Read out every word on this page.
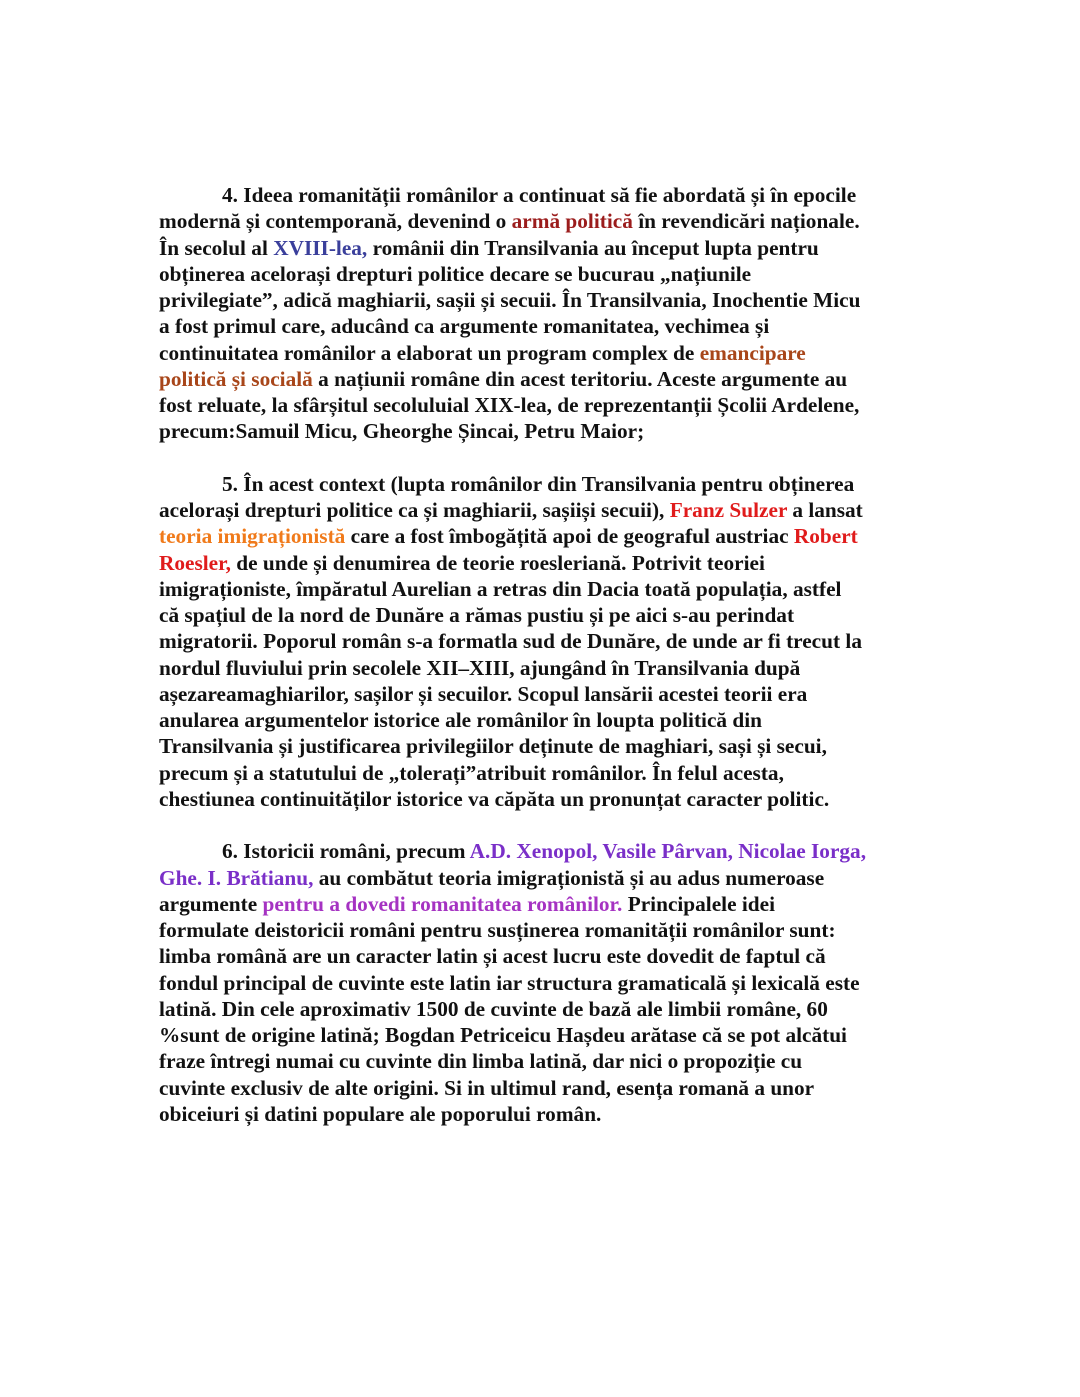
4. Ideea romanității românilor a continuat să fie abordată și în epocile
modernă și contemporană, devenind o armă politică în revendicări naționale.
În secolul al XVIII-lea, românii din Transilvania au început lupta pentru
obținerea acelorași drepturi politice decare se bucurau „națiunile
privilegiate”, adică maghiarii, sașii și secuii. În Transilvania, Inochentie Micu
a fost primul care, aducând ca argumente romanitatea, vechimea și
continuitatea românilor a elaborat un program complex de emancipare
politică și socială a națiunii române din acest teritoriu. Aceste argumente au
fost reluate, la sfârșitul secoluluial XIX-lea, de reprezentanții Școlii Ardelene,
precum:Samuil Micu, Gheorghe Șincai, Petru Maior;
5. În acest context (lupta românilor din Transilvania pentru obținerea
acelorași drepturi politice ca și maghiarii, sașiiși secuii), Franz Sulzer a lansat
teoria imigraționistă care a fost îmbogățită apoi de geograful austriac Robert
Roesler, de unde și denumirea de teorie roesleriană. Potrivit teoriei
imigraționiste, împăratul Aurelian a retras din Dacia toată populația, astfel
că spațiul de la nord de Dunăre a rămas pustiu și pe aici s-au perindat
migratorii. Poporul român s-a formatla sud de Dunăre, de unde ar fi trecut la
nordul fluviului prin secolele XII–XIII, ajungând în Transilvania după
așezareamaghiarilor, sașilor și secuilor. Scopul lansării acestei teorii era
anularea argumentelor istorice ale românilor în loupta politică din
Transilvania și justificarea privilegiilor deținute de maghiari, sași și secui,
precum și a statutului de „tolerați”atribuit românilor. În felul acesta,
chestiunea continuităților istorice va căpăta un pronunțat caracter politic.
6. Istoricii români, precum A.D. Xenopol, Vasile Pârvan, Nicolae Iorga,
Ghe. I. Brătianu, au combătut teoria imigraționistă și au adus numeroase
argumente pentru a dovedi romanitatea românilor. Principalele idei
formulate deistoricii români pentru susținerea romanității românilor sunt:
limba română are un caracter latin și acest lucru este dovedit de faptul că
fondul principal de cuvinte este latin iar structura gramaticală și lexicală este
latină. Din cele aproximativ 1500 de cuvinte de bază ale limbii române, 60
%sunt de origine latină; Bogdan Petriceicu Hașdeu arătase că se pot alcătui
fraze întregi numai cu cuvinte din limba latină, dar nici o propoziție cu
cuvinte exclusiv de alte origini. Si in ultimul rand, esența romană a unor
obiceiuri și datini populare ale poporului român.
